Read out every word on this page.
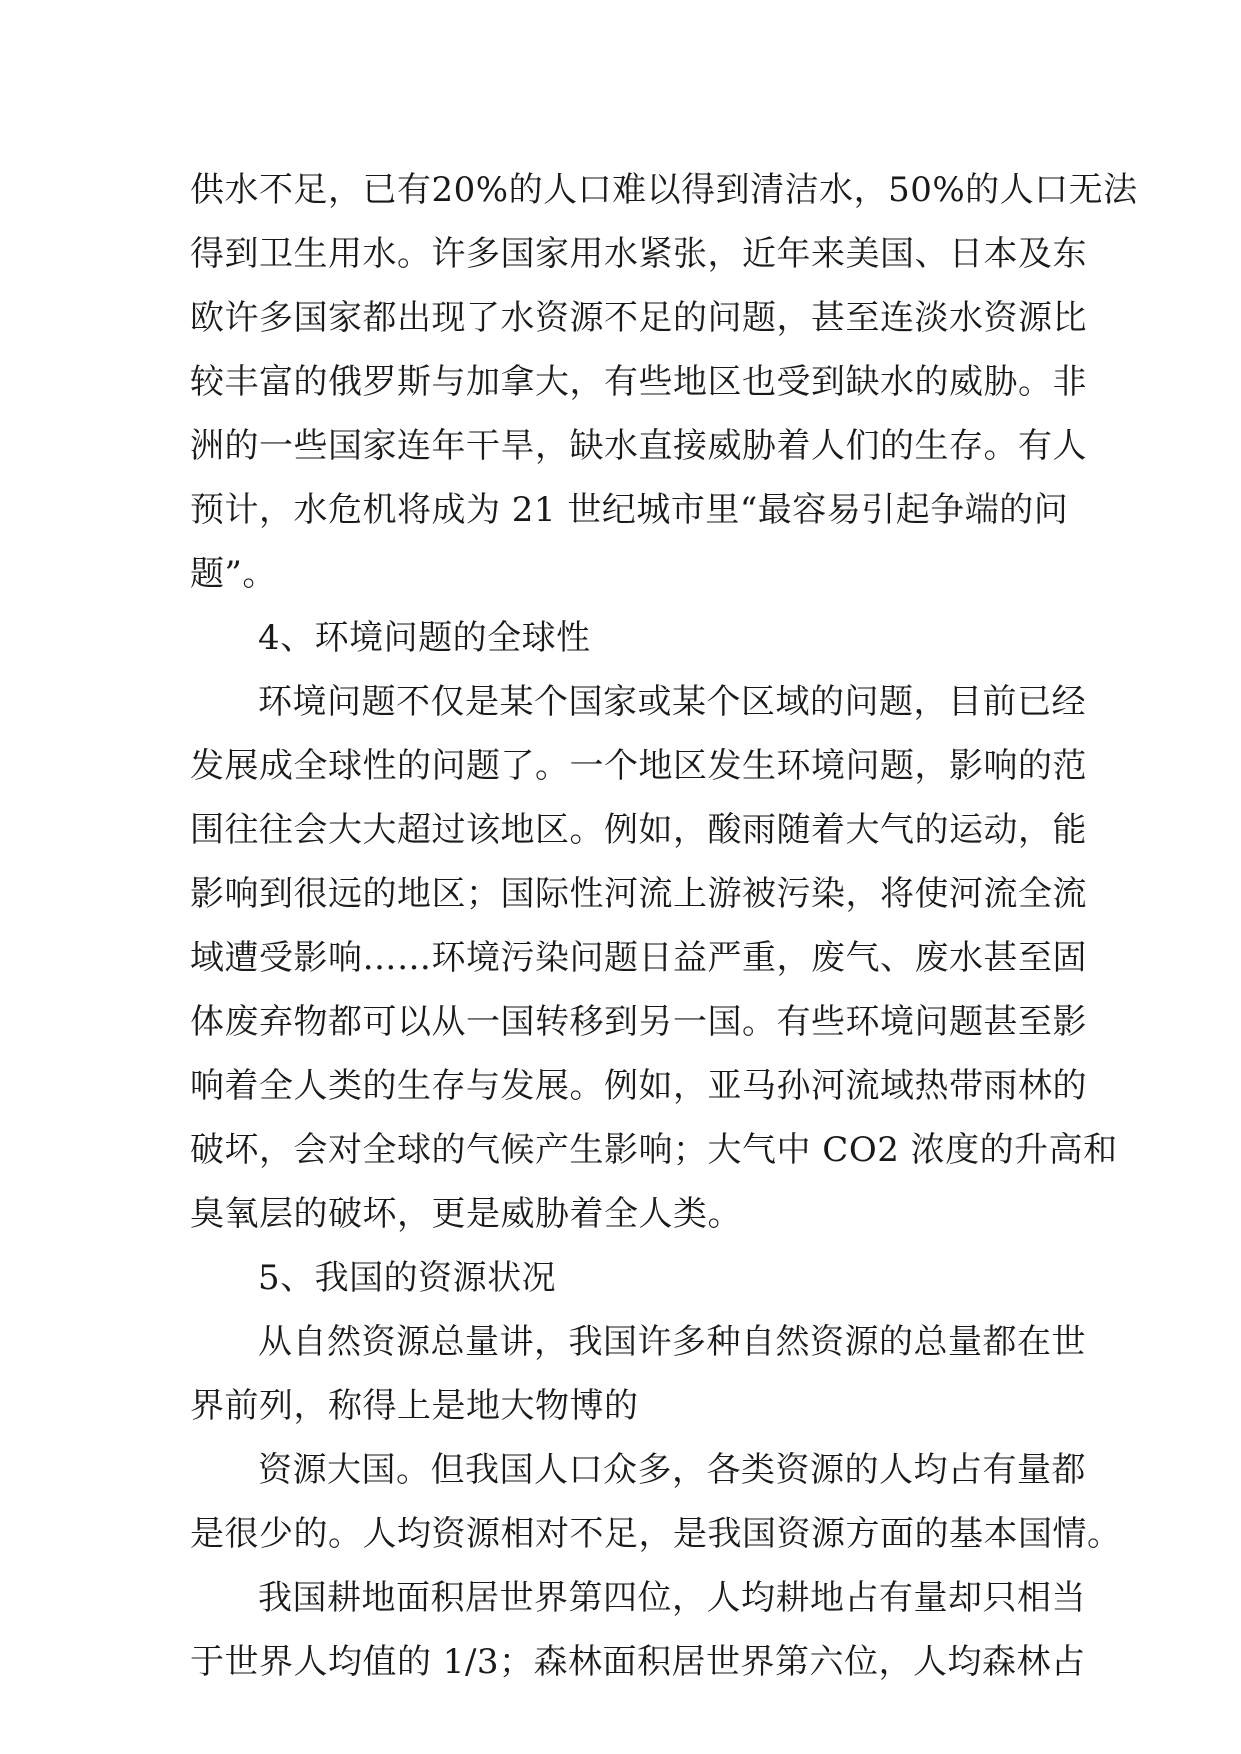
供水不足，已有20%的人口难以得到清洁水，50%的人口无法
得到卫生用水。许多国家用水紧张，近年来美国、日本及东
欧许多国家都出现了水资源不足的问题，甚至连淡水资源比
较丰富的俄罗斯与加拿大，有些地区也受到缺水的威胁。非
洲的一些国家连年干旱，缺水直接威胁着人们的生存。有人
预计，水危机将成为 21 世纪城市里“最容易引起争端的问
题”。
4、环境问题的全球性
环境问题不仅是某个国家或某个区域的问题，目前已经
发展成全球性的问题了。一个地区发生环境问题，影响的范
围往往会大大超过该地区。例如，酸雨随着大气的运动，能
影响到很远的地区；国际性河流上游被污染，将使河流全流
域遭受影响……环境污染问题日益严重，废气、废水甚至固
体废弃物都可以从一国转移到另一国。有些环境问题甚至影
响着全人类的生存与发展。例如，亚马孙河流域热带雨林的
破坏，会对全球的气候产生影响；大气中 CO2 浓度的升高和
臭氧层的破坏，更是威胁着全人类。
5、我国的资源状况
从自然资源总量讲，我国许多种自然资源的总量都在世
界前列，称得上是地大物博的
资源大国。但我国人口众多，各类资源的人均占有量都
是很少的。人均资源相对不足，是我国资源方面的基本国情。
我国耕地面积居世界第四位，人均耕地占有量却只相当
于世界人均值的 1/3；森林面积居世界第六位，人均森林占
